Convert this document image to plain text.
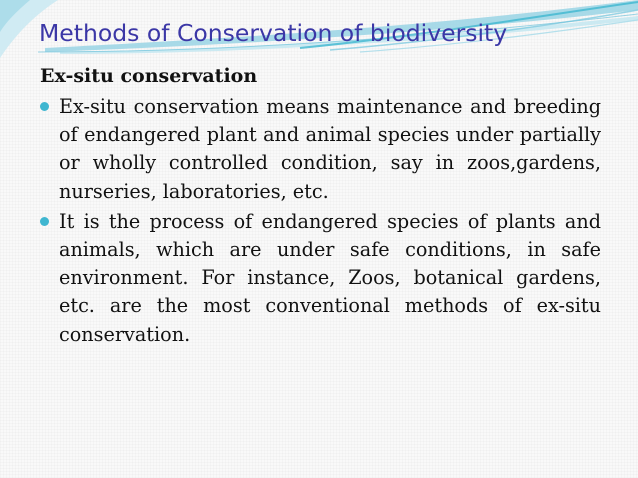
Methods of Conservation of biodiversity
Ex-situ conservation
Ex-situ conservation means maintenance and breeding of endangered plant and animal species under partially or wholly controlled condition, say in zoos,gardens, nurseries, laboratories, etc.
It is the process of endangered species of plants and animals, which are under safe conditions, in safe environment. For instance, Zoos, botanical gardens, etc. are the most conventional methods of ex-situ conservation.
